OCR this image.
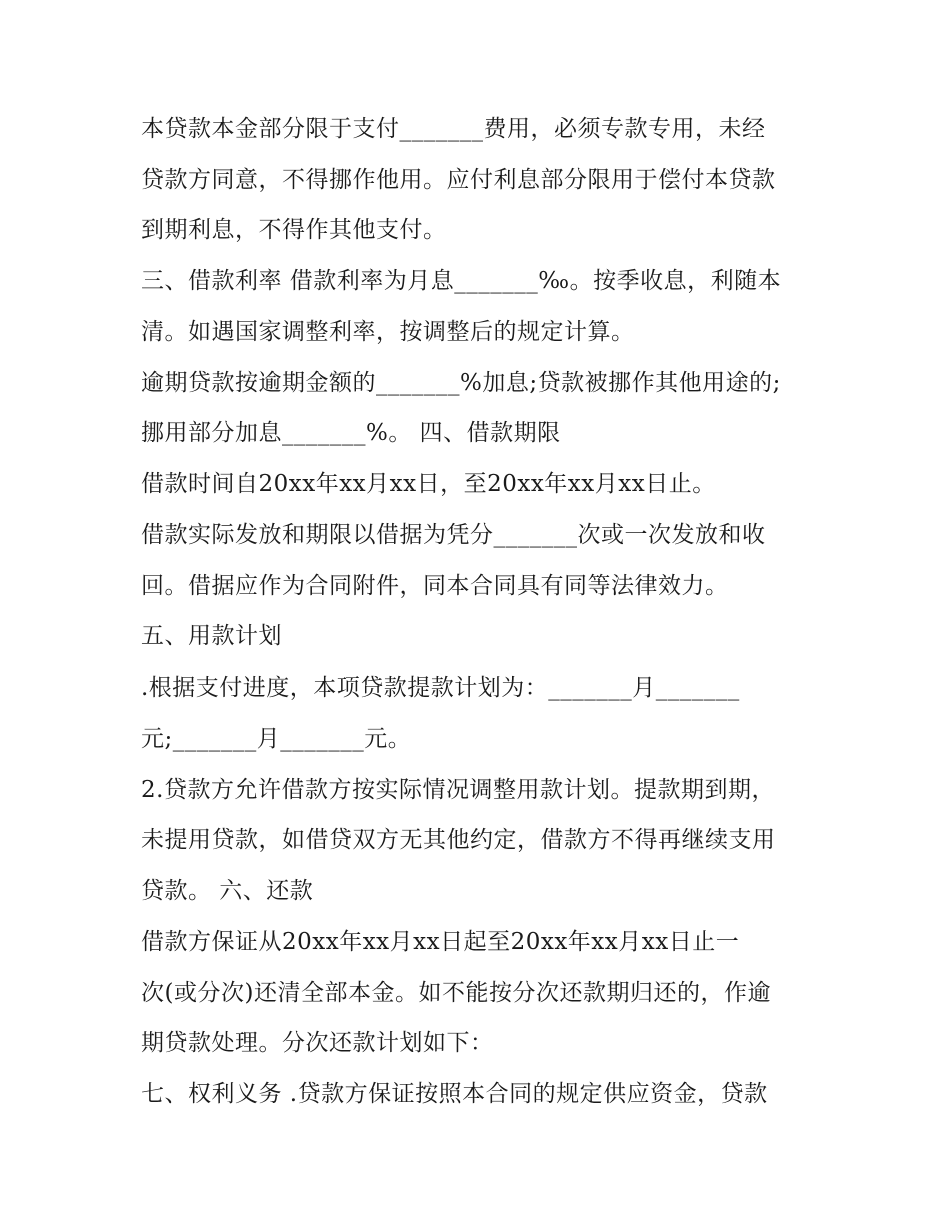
本贷款本金部分限于支付_______费用，必须专款专用，未经
贷款方同意，不得挪作他用。应付利息部分限用于偿付本贷款
到期利息，不得作其他支付。
三、借款利率 借款利率为月息_______‰。按季收息，利随本
清。如遇国家调整利率，按调整后的规定计算。
逾期贷款按逾期金额的_______%加息;贷款被挪作其他用途的;
挪用部分加息_______%。 四、借款期限
借款时间自20xx年xx月xx日，至20xx年xx月xx日止。
借款实际发放和期限以借据为凭分_______次或一次发放和收
回。借据应作为合同附件，同本合同具有同等法律效力。
五、用款计划
.根据支付进度，本项贷款提款计划为：_______月_______
元;_______月_______元。
2.贷款方允许借款方按实际情况调整用款计划。提款期到期，
未提用贷款，如借贷双方无其他约定，借款方不得再继续支用
贷款。 六、还款
借款方保证从20xx年xx月xx日起至20xx年xx月xx日止一
次(或分次)还清全部本金。如不能按分次还款期归还的，作逾
期贷款处理。分次还款计划如下：
七、权利义务 .贷款方保证按照本合同的规定供应资金，贷款
